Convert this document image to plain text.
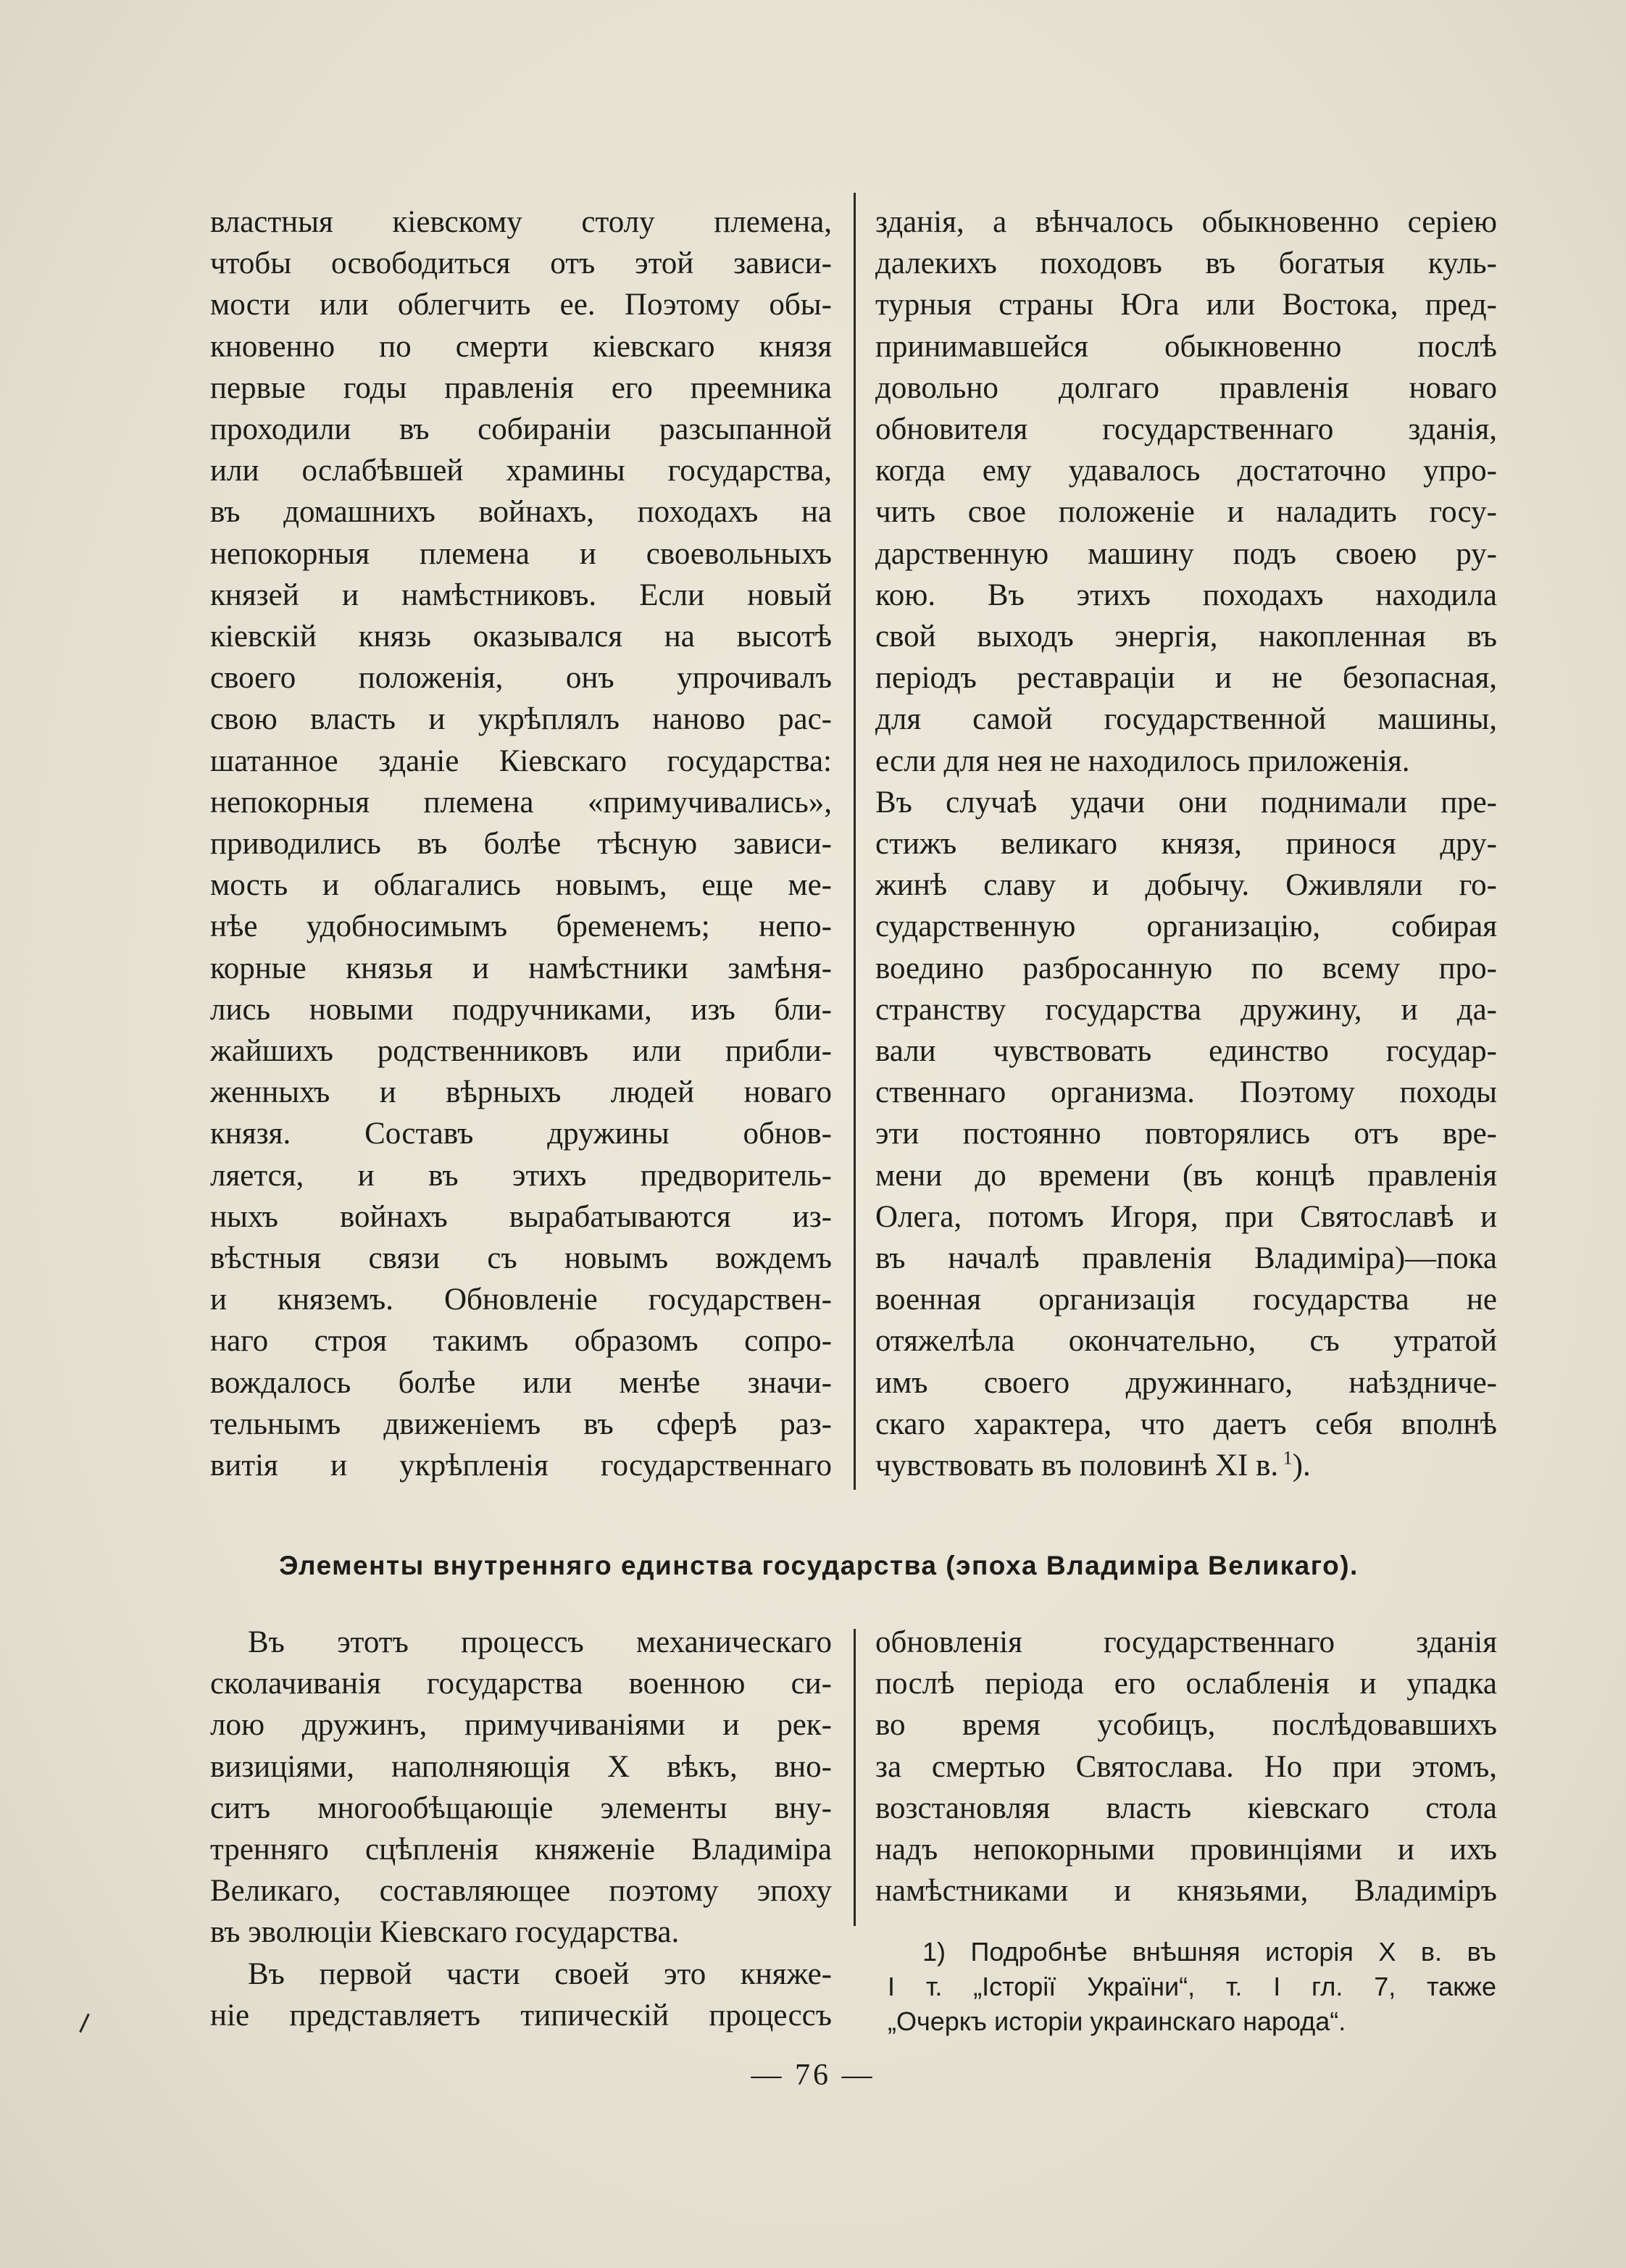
властныя кіевскому столу племена,
чтобы освободиться отъ этой зависи-
мости или облегчить ее. Поэтому обы-
кновенно по смерти кіевскаго князя
первые годы правленія его преемника
проходили въ собираніи разсыпанной
или ослабѣвшей храмины государства,
въ домашнихъ войнахъ, походахъ на
непокорныя племена и своевольныхъ
князей и намѣстниковъ. Если новый
кіевскій князь оказывался на высотѣ
своего положенія, онъ упрочивалъ
свою власть и укрѣплялъ наново рас-
шатанное зданіе Кіевскаго государства:
непокорныя племена «примучивались»,
приводились въ болѣе тѣсную зависи-
мость и облагались новымъ, еще ме-
нѣе удобносимымъ бременемъ; непо-
корные князья и намѣстники замѣня-
лись новыми подручниками, изъ бли-
жайшихъ родственниковъ или прибли-
женныхъ и вѣрныхъ людей новаго
князя. Составъ дружины обнов-
ляется, и въ этихъ предворитель-
ныхъ войнахъ вырабатываются из-
вѣстныя связи съ новымъ вождемъ
и княземъ. Обновленіе государствен-
наго строя такимъ образомъ сопро-
вождалось болѣе или менѣе значи-
тельнымъ движеніемъ въ сферѣ раз-
витія и укрѣпленія государственнаго
зданія, а вѣнчалось обыкновенно серіею
далекихъ походовъ въ богатыя куль-
турныя страны Юга или Востока, пред-
принимавшейся обыкновенно послѣ
довольно долгаго правленія новаго
обновителя государственнаго зданія,
когда ему удавалось достаточно упро-
чить свое положеніе и наладить госу-
дарственную машину подъ своею ру-
кою. Въ этихъ походахъ находила
свой выходъ энергія, накопленная въ
періодъ реставраціи и не безопасная,
для самой государственной машины,
если для нея не находилось приложенія.
Въ случаѣ удачи они поднимали пре-
стижъ великаго князя, принося дру-
жинѣ славу и добычу. Оживляли го-
сударственную организацію, собирая
воедино разбросанную по всему про-
странству государства дружину, и да-
вали чувствовать единство государ-
ственнаго организма. Поэтому походы
эти постоянно повторялись отъ вре-
мени до времени (въ концѣ правленія
Олега, потомъ Игоря, при Святославѣ и
въ началѣ правленія Владиміра)—пока
военная организація государства не
отяжелѣла окончательно, съ утратой
имъ своего дружиннаго, наѣздниче-
скаго характера, что даетъ себя вполнѣ
чувствовать въ половинѣ XI в. $^1$).
Элементы внутренняго единства государства (эпоха Владиміра Великаго).
Въ этотъ процессъ механическаго
сколачиванія государства военною си-
лою дружинъ, примучиваніями и рек-
визиціями, наполняющія X вѣкъ, вно-
ситъ многообѣщающіе элементы вну-
тренняго сцѣпленія княженіе Владиміра
Великаго, составляющее поэтому эпоху
въ эволюціи Кіевскаго государства.
Въ первой части своей это княже-
ніе представляетъ типическій процессъ
обновленія государственнаго зданія
послѣ періода его ослабленія и упадка
во время усобицъ, послѣдовавшихъ
за смертью Святослава. Но при этомъ,
возстановляя власть кіевскаго стола
надъ непокорными провинціями и ихъ
намѣстниками и князьями, Владиміръ
1) Подробнѣе внѣшняя исторія X в. въ
I т. „Історії України“, т. I гл. 7, также
„Очеркъ исторіи украинскаго народа“.
— 76 —
